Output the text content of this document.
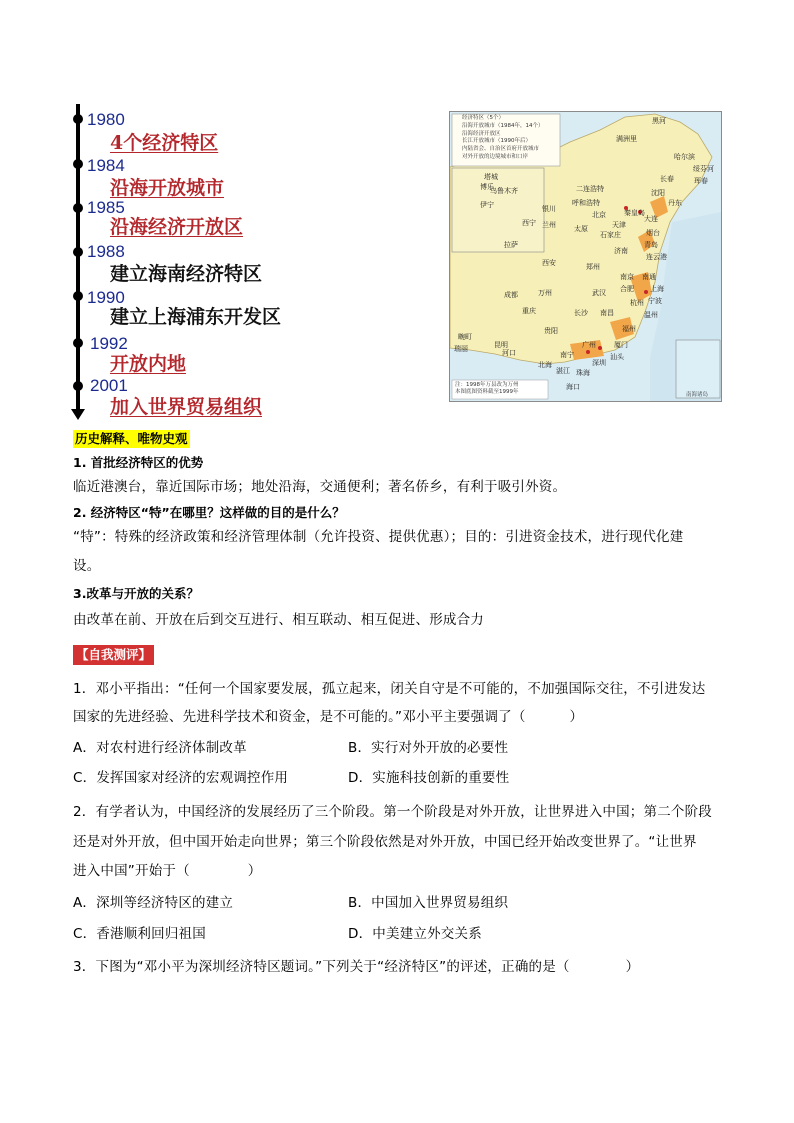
1980
4个经济特区
1984
沿海开放城市
1985
沿海经济开放区
1988
建立海南经济特区
1990
建立上海浦东开发区
1992
开放内地
2001
加入世界贸易组织
经济特区（5个）
沿海开放城市（1984年，14个）
沿海经济开放区
长江开放城市（1990年后）
内陆省会、自治区首府开放城市
对外开放的边境城市和口岸
黑河
满洲里
哈尔滨
绥芬河
长春	珲春
沈阳
丹东
大连
二连浩特
呼和浩特
北京
天津
秦皇岛
太原
石家庄	烟台
青岛
济南
连云港
银川
兰州
西宁
乌鲁木齐
伊宁
塔城
博乐
拉萨
西安	郑州
南京 南通
上海
合肥
武汉
杭州 宁波
温州
成都
重庆
万州
长沙 南昌
福州
厦门
贵阳
昆明
南宁
河口
广州
深圳
珠海
汕头
湛江
北海
海口
畹町
瑞丽
注：1998年万县改为万州
本图底图资料截至1999年	南海诸岛
历史解释、唯物史观
1. 首批经济特区的优势
临近港澳台，靠近国际市场；地处沿海，交通便利；著名侨乡，有利于吸引外资。
2. 经济特区“特”在哪里？这样做的目的是什么？
“特”：特殊的经济政策和经济管理体制（允许投资、提供优惠）；目的：引进资金技术，进行现代化建
设。
3.改革与开放的关系？
由改革在前、开放在后到交互进行、相互联动、相互促进、形成合力
【自我测评】
1．邓小平指出：“任何一个国家要发展，孤立起来，闭关自守是不可能的，不加强国际交往，不引进发达
国家的先进经验、先进科学技术和资金，是不可能的。”邓小平主要强调了（	）
A．对农村进行经济体制改革	B．实行对外开放的必要性
C．发挥国家对经济的宏观调控作用	D．实施科技创新的重要性
2．有学者认为，中国经济的发展经历了三个阶段。第一个阶段是对外开放，让世界进入中国；第二个阶段
还是对外开放，但中国开始走向世界；第三个阶段依然是对外开放，中国已经开始改变世界了。“让世界
进入中国”开始于（	）
A．深圳等经济特区的建立	B．中国加入世界贸易组织
C．香港顺利回归祖国	D．中美建立外交关系
3．下图为“邓小平为深圳经济特区题词。”下列关于“经济特区”的评述，正确的是（	）
